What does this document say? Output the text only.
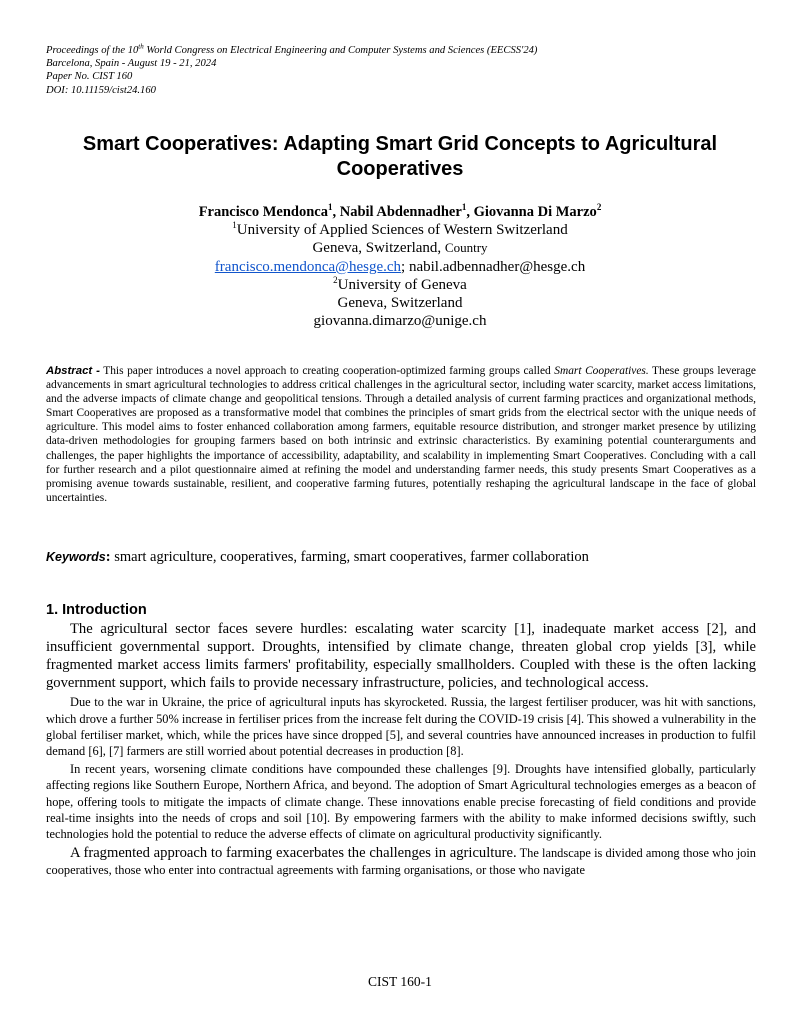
Proceedings of the 10th World Congress on Electrical Engineering and Computer Systems and Sciences (EECSS'24)
Barcelona, Spain - August 19 - 21, 2024
Paper No. CIST 160
DOI: 10.11159/cist24.160
Smart Cooperatives: Adapting Smart Grid Concepts to Agricultural Cooperatives
Francisco Mendonca$^1$, Nabil Abdennadher$^1$, Giovanna Di Marzo$^2$
$^1$University of Applied Sciences of Western Switzerland
Geneva, Switzerland, Country
francisco.mendonca@hesge.ch; nabil.adbennadher@hesge.ch
$^2$University of Geneva
Geneva, Switzerland
giovanna.dimarzo@unige.ch
Abstract - This paper introduces a novel approach to creating cooperation-optimized farming groups called Smart Cooperatives. These groups leverage advancements in smart agricultural technologies to address critical challenges in the agricultural sector, including water scarcity, market access limitations, and the adverse impacts of climate change and geopolitical tensions. Through a detailed analysis of current farming practices and organizational methods, Smart Cooperatives are proposed as a transformative model that combines the principles of smart grids from the electrical sector with the unique needs of agriculture. This model aims to foster enhanced collaboration among farmers, equitable resource distribution, and stronger market presence by utilizing data-driven methodologies for grouping farmers based on both intrinsic and extrinsic characteristics. By examining potential counterarguments and challenges, the paper highlights the importance of accessibility, adaptability, and scalability in implementing Smart Cooperatives. Concluding with a call for further research and a pilot questionnaire aimed at refining the model and understanding farmer needs, this study presents Smart Cooperatives as a promising avenue towards sustainable, resilient, and cooperative farming futures, potentially reshaping the agricultural landscape in the face of global uncertainties.
Keywords: smart agriculture, cooperatives, farming, smart cooperatives, farmer collaboration
1. Introduction

The agricultural sector faces severe hurdles: escalating water scarcity [1], inadequate market access [2], and insufficient governmental support. Droughts, intensified by climate change, threaten global crop yields [3], while fragmented market access limits farmers' profitability, especially smallholders. Coupled with these is the often lacking government support, which fails to provide necessary infrastructure, policies, and technological access.

Due to the war in Ukraine, the price of agricultural inputs has skyrocketed. Russia, the largest fertiliser producer, was hit with sanctions, which drove a further 50% increase in fertiliser prices from the increase felt during the COVID-19 crisis [4]. This showed a vulnerability in the global fertiliser market, which, while the prices have since dropped [5], and several countries have announced increases in production to fulfil demand [6], [7] farmers are still worried about potential decreases in production [8].

In recent years, worsening climate conditions have compounded these challenges [9]. Droughts have intensified globally, particularly affecting regions like Southern Europe, Northern Africa, and beyond. The adoption of Smart Agricultural technologies emerges as a beacon of hope, offering tools to mitigate the impacts of climate change. These innovations enable precise forecasting of field conditions and provide real-time insights into the needs of crops and soil [10]. By empowering farmers with the ability to make informed decisions swiftly, such technologies hold the potential to reduce the adverse effects of climate on agricultural productivity significantly.

A fragmented approach to farming exacerbates the challenges in agriculture. The landscape is divided among those who join cooperatives, those who enter into contractual agreements with farming organisations, or those who navigate

CIST 160-1
